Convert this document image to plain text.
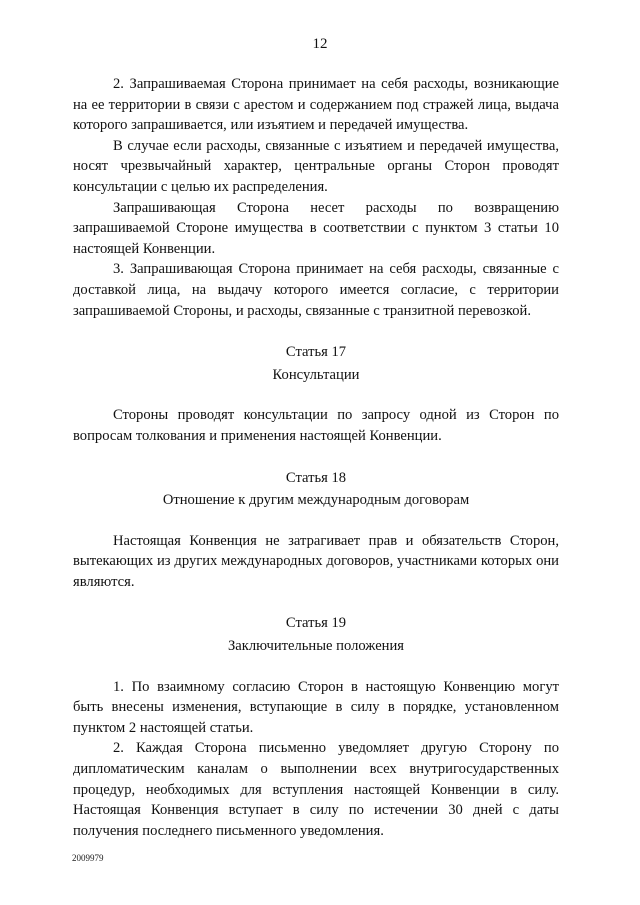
12

2. Запрашиваемая Сторона принимает на себя расходы, возникающие на ее территории в связи с арестом и содержанием под стражей лица, выдача которого запрашивается, или изъятием и передачей имущества.

В случае если расходы, связанные с изъятием и передачей имущества, носят чрезвычайный характер, центральные органы Сторон проводят консультации с целью их распределения.

Запрашивающая Сторона несет расходы по возвращению запрашиваемой Стороне имущества в соответствии с пунктом 3 статьи 10 настоящей Конвенции.

3. Запрашивающая Сторона принимает на себя расходы, связанные с доставкой лица, на выдачу которого имеется согласие, с территории запрашиваемой Стороны, и расходы, связанные с транзитной перевозкой.

Статья 17

Консультации

Стороны проводят консультации по запросу одной из Сторон по вопросам толкования и применения настоящей Конвенции.

Статья 18

Отношение к другим международным договорам

Настоящая Конвенция не затрагивает прав и обязательств Сторон, вытекающих из других международных договоров, участниками которых они являются.

Статья 19

Заключительные положения

1. По взаимному согласию Сторон в настоящую Конвенцию могут быть внесены изменения, вступающие в силу в порядке, установленном пунктом 2 настоящей статьи.

2. Каждая Сторона письменно уведомляет другую Сторону по дипломатическим каналам о выполнении всех внутригосударственных процедур, необходимых для вступления настоящей Конвенции в силу. Настоящая Конвенция вступает в силу по истечении 30 дней с даты получения последнего письменного уведомления.

2009979
